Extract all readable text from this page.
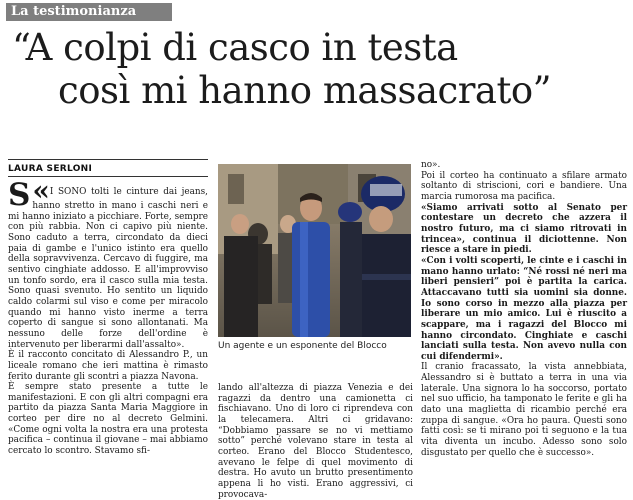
La testimonianza
“A colpi di casco in testa
così mi hanno massacrato”
LAURA SERLONI

«
S I SONO tolti le cinture dai jeans, hanno stretto in mano i caschi neri e mi hanno iniziato a picchiare. Forte, sempre con più rabbia. Non ci capivo più niente. Sono caduto a terra, circondato da dieci paia di gambe e l'unico istinto era quello della sopravvivenza. Cercavo di fuggire, ma sentivo cinghiate addosso. E all'improvviso un tonfo sordo, era il casco sulla mia testa. Sono quasi svenuto. Ho sentito un liquido caldo colarmi sul viso e come per miracolo quando mi hanno visto inerme a terra coperto di sangue si sono allontanati. Ma nessuno delle forze dell'ordine è intervenuto per liberarmi dall'assalto».

È il racconto concitato di Alessandro P., un liceale romano che ieri mattina è rimasto ferito durante gli scontri a piazza Navona.

È sempre stato presente a tutte le manifestazioni. E con gli altri compagni era partito da piazza Santa Maria Maggiore in corteo per dire no al decreto Gelmini. «Come ogni volta la nostra era una protesta pacifica – continua il giovane – mai abbiamo cercato lo scontro. Stavamo sfi-

Un agente e un esponente del Blocco

lando all'altezza di piazza Venezia e dei ragazzi da dentro una camionetta ci fischiavano. Uno di loro ci riprendeva con la telecamera. Altri ci gridavano: “Dobbiamo passare se no vi mettiamo sotto” perché volevano stare in testa al corteo. Erano del Blocco Studentesco, avevano le felpe di quel movimento di destra. Ho avuto un brutto presentimento appena li ho visti. Erano aggressivi, ci provocava-

no».

Poi il corteo ha continuato a sfilare armato soltanto di striscioni, cori e bandiere. Una marcia rumorosa ma pacifica.

«Siamo arrivati sotto al Senato per contestare un decreto che azzera il nostro futuro, ma ci siamo ritrovati in trincea», continua il diciottenne. Non riesce a stare in piedi.

«Con i volti scoperti, le cinte e i caschi in mano hanno urlato: “Né rossi né neri ma liberi pensieri” poi è partita la carica. Attaccavano tutti sia uomini sia donne. Io sono corso in mezzo alla piazza per liberare un mio amico. Lui è riuscito a scappare, ma i ragazzi del Blocco mi hanno circondato. Cinghiate e caschi lanciati sulla testa. Non avevo nulla con cui difendermi».

Il cranio fracassato, la vista annebbiata, Alessandro si è buttato a terra in una via laterale. Una signora lo ha soccorso, portato nel suo ufficio, ha tamponato le ferite e gli ha dato una maglietta di ricambio perché era zuppa di sangue. «Ora ho paura. Questi sono fatti così: se ti mirano poi ti seguono e la tua vita diventa un incubo. Adesso sono solo disgustato per quello che è successo».
